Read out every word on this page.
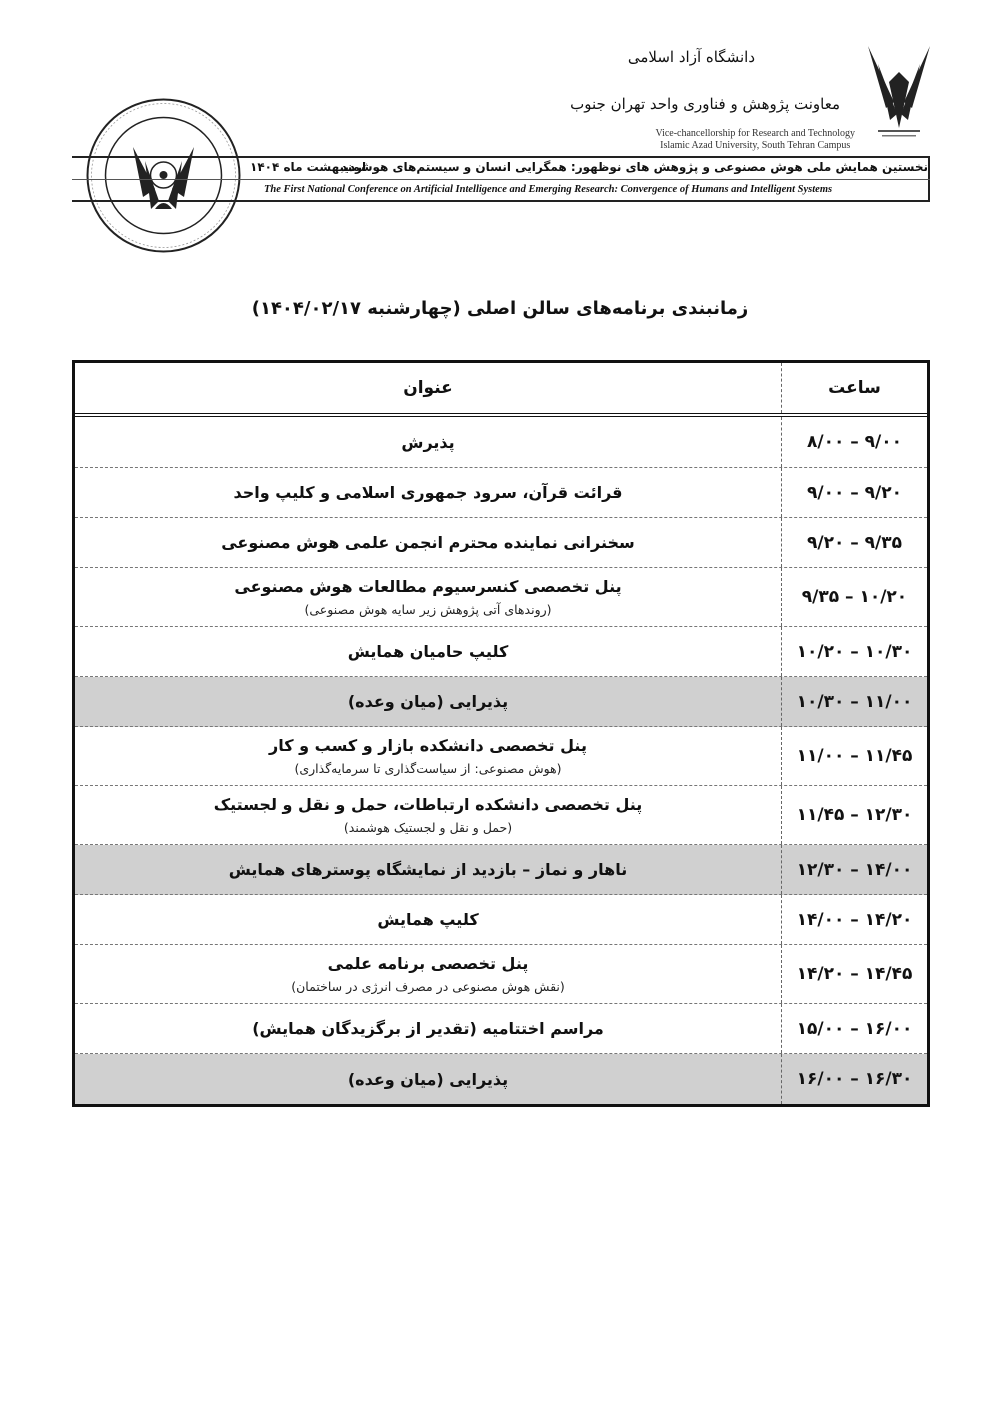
دانشگاه آزاد اسلامی
معاونت پژوهش و فناوری واحد تهران جنوب
Vice-chancellorship for Research and Technology
Islamic Azad University, South Tehran Campus
نخستین همایش ملی هوش مصنوعی و پژوهش های نوظهور: همگرایی انسان و سیستم‌های هوشمند
اردیبهشت ماه ۱۴۰۴
The First National Conference on Artificial Intelligence and Emerging Research: Convergence of Humans and Intelligent Systems
زمانبندی برنامه‌های سالن اصلی (چهارشنبه ۱۴۰۴/۰۲/۱۷)
ساعت
عنوان
۸/۰۰ – ۹/۰۰
پذیرش
۹/۰۰ – ۹/۲۰
قرائت قرآن، سرود جمهوری اسلامی و کلیپ واحد
۹/۲۰ – ۹/۳۵
سخنرانی نماینده محترم انجمن علمی هوش مصنوعی
۹/۳۵ – ۱۰/۲۰
پنل تخصصی کنسرسیوم مطالعات هوش مصنوعی
(روندهای آتی پژوهش زیر سایه هوش مصنوعی)
۱۰/۲۰ – ۱۰/۳۰
کلیپ حامیان همایش
۱۰/۳۰ – ۱۱/۰۰
پذیرایی (میان وعده)
۱۱/۰۰ – ۱۱/۴۵
پنل تخصصی دانشکده بازار و کسب و کار
(هوش مصنوعی: از سیاست‌گذاری تا سرمایه‌گذاری)
۱۱/۴۵ – ۱۲/۳۰
پنل تخصصی دانشکده ارتباطات، حمل و نقل و لجستیک
(حمل و نقل و لجستیک هوشمند)
۱۲/۳۰ – ۱۴/۰۰
ناهار و نماز – بازدید از نمایشگاه پوسترهای همایش
۱۴/۰۰ – ۱۴/۲۰
کلیپ همایش
۱۴/۲۰ – ۱۴/۴۵
پنل تخصصی برنامه علمی
(نقش هوش مصنوعی در مصرف انرژی در ساختمان)
۱۵/۰۰ – ۱۶/۰۰
مراسم اختتامیه (تقدیر از برگزیدگان همایش)
۱۶/۰۰ – ۱۶/۳۰
پذیرایی (میان وعده)
